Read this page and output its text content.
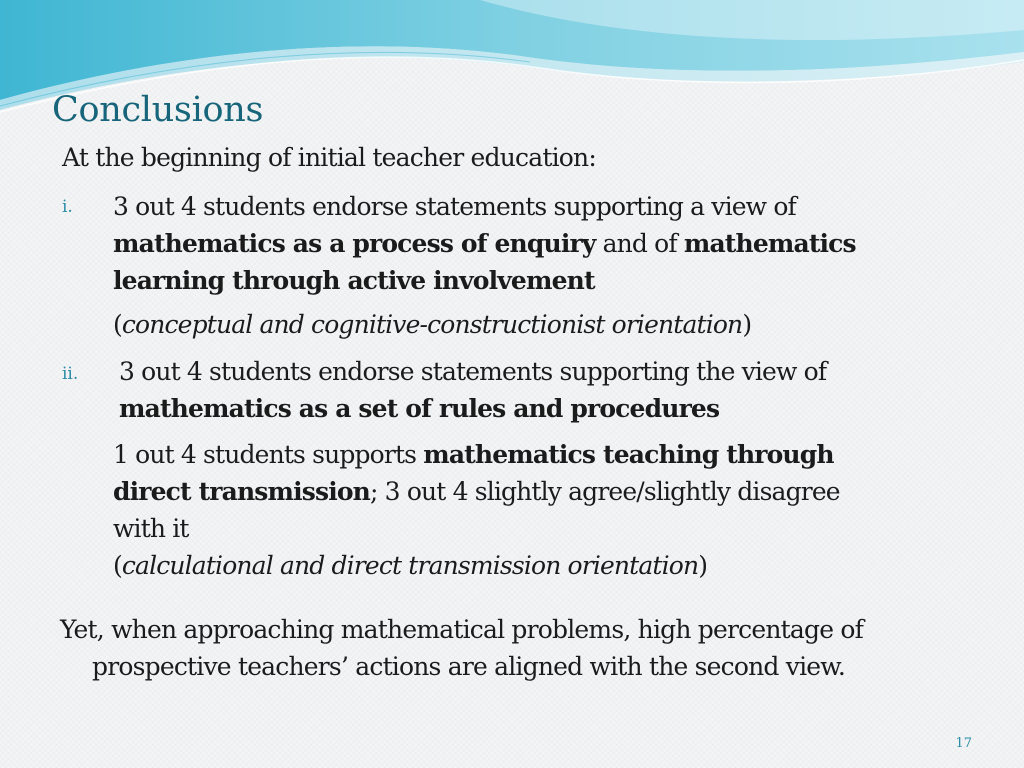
Conclusions
At the beginning of initial teacher education:
i. 3 out 4 students endorse statements supporting a view of
mathematics as a process of enquiry and of mathematics
learning through active involvement
(conceptual and cognitive-constructionist orientation)
ii. 3 out 4 students endorse statements supporting the view of
mathematics as a set of rules and procedures
1 out 4 students supports mathematics teaching through
direct transmission; 3 out 4 slightly agree/slightly disagree
with it
(calculational and direct transmission orientation)
Yet, when approaching mathematical problems, high percentage of
prospective teachers’ actions are aligned with the second view.
17
